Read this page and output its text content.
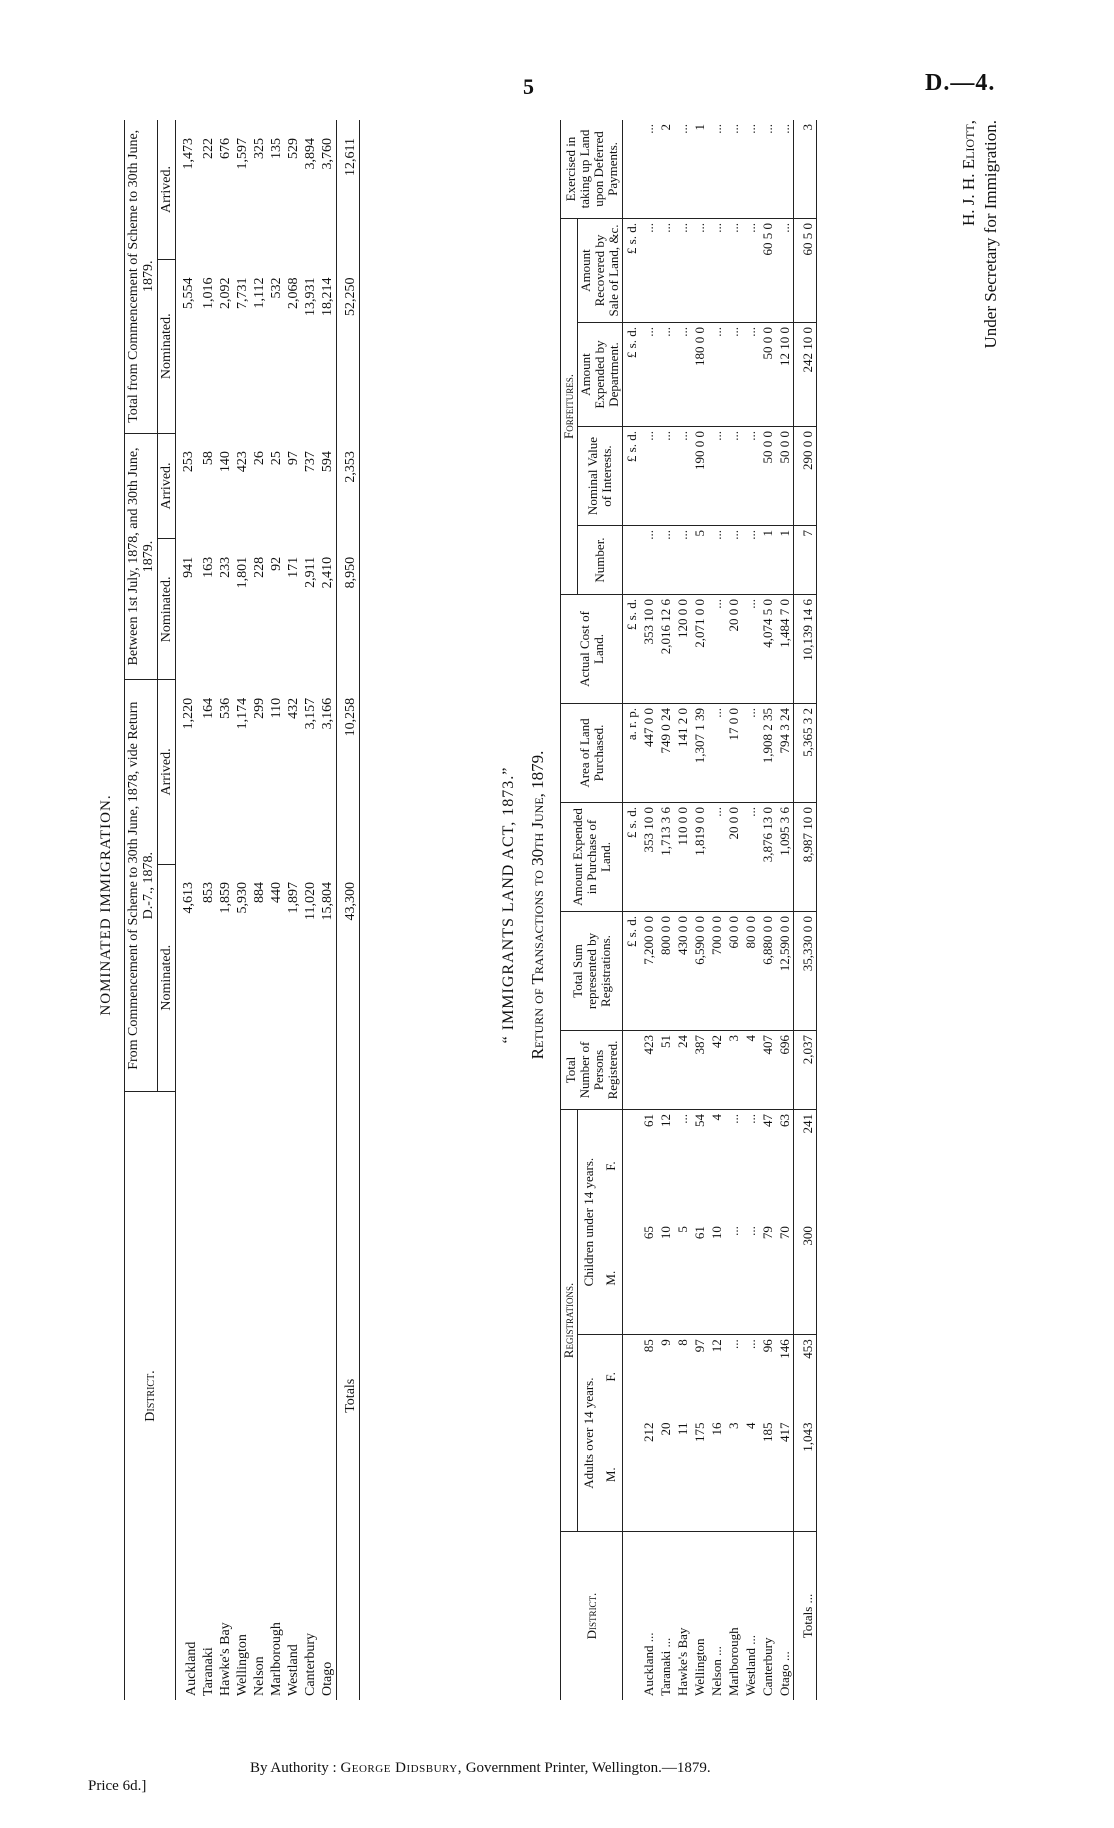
5	D.—4.
NOMINATED IMMIGRATION.
District.	From Commencement of Scheme to 30th June, 1878, vide Return D.-7., 1878.		Between 1st July, 1878, and 30th June, 1879.		Total from Commencement of Scheme to 30th June, 1879.	
	Nominated.	Arrived.	Nominated.	Arrived.	Nominated.	Arrived.
Auckland	4,613	1,220	941	253	5,554	1,473
Taranaki	853	164	163	58	1,016	222
Hawke's Bay	1,859	536	233	140	2,092	676
Wellington	5,930	1,174	1,801	423	7,731	1,597
Nelson	884	299	228	26	1,112	325
Marlborough	440	110	92	25	532	135
Westland	1,897	432	171	97	2,068	529
Canterbury	11,020	3,157	2,911	737	13,931	3,894
Otago	15,804	3,166	2,410	594	18,214	3,760
Totals	43,300	10,258	8,950	2,353	52,250	12,611
“ IMMIGRANTS LAND ACT, 1873.” Return of Transactions to 30th June, 1879.
District.	Registrations.				Total Number of Persons Registered.	Total Sum represented by Registrations.	Amount Expended in Purchase of Land.	Area of Land Purchased.	Actual Cost of Land.	Forfeitures.				Exercised in taking up Land upon Deferred Payments.
	Adults over 14 years.		Children under 14 years.							Number.	Nominal Value of Interests.	Amount Expended by Department.	Amount Recovered by Sale of Land, &c.	
	M.	F.	M.	F.										
						£ s. d.	£ s. d.	a. r. p.	£ s. d.		£ s. d.	£ s. d.	£ s. d.	
Auckland ...	212	85	65	61	423	7,200 0 0	353 10 0	447 0 0	353 10 0	...	...	...	...	...
Taranaki ...	20	9	10	12	51	800 0 0	1,713 3 6	749 0 24	2,016 12 6	...	...	...	...	2
Hawke's Bay	11	8	5	...	24	430 0 0	110 0 0	141 2 0	120 0 0	...	...	...	...	...
Wellington	175	97	61	54	387	6,590 0 0	1,819 0 0	1,307 1 39	2,071 0 0	5	190 0 0	180 0 0	...	1
Nelson ...	16	12	10	4	42	700 0 0	...	...	...	...	...	...	...	...
Marlborough	3	...	...	...	3	60 0 0	20 0 0	17 0 0	20 0 0	...	...	...	...	...
Westland ...	4	...	...	...	4	80 0 0	...	...	...	...	...	...	...	...
Canterbury	185	96	79	47	407	6,880 0 0	3,876 13 0	1,908 2 35	4,074 5 0	1	50 0 0	50 0 0	60 5 0	...
Otago ...	417	146	70	63	696	12,590 0 0	1,095 3 6	794 3 24	1,484 7 0	1	50 0 0	12 10 0	...	...
Totals ...	1,043	453	300	241	2,037	35,330 0 0	8,987 10 0	5,365 3 2	10,139 14 6	7	290 0 0	242 10 0	60 5 0	3	H. J. H. Eliott, Under Secretary for Immigration.
Price 6d.]
By Authority : George Didsbury, Government Printer, Wellington.—1879.
